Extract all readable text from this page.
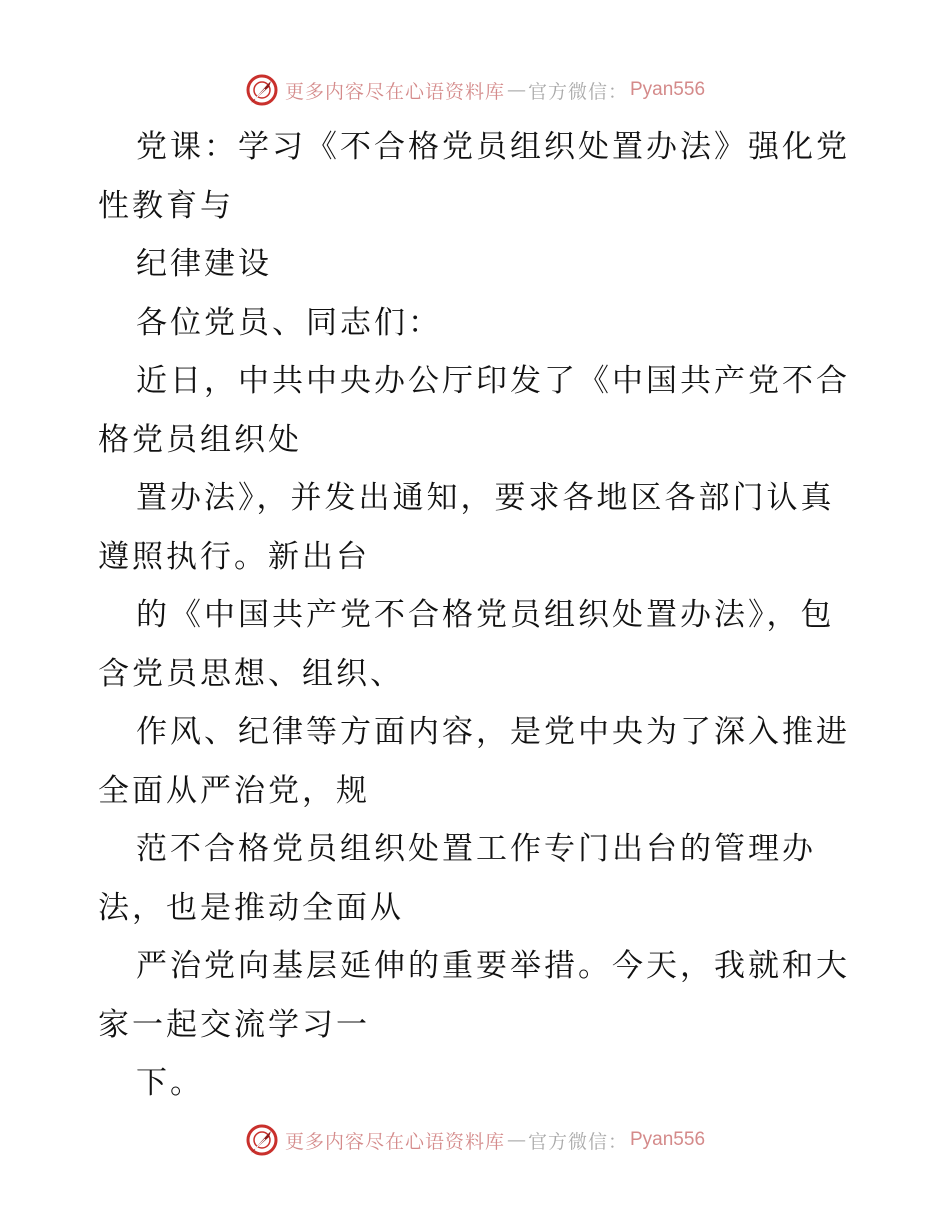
更多内容尽在心语资料库 — 官方微信： Pyan556
党课：学习《不合格党员组织处置办法》强化党
性教育与
纪律建设
各位党员、同志们：
近日，中共中央办公厅印发了《中国共产党不合
格党员组织处
置办法》，并发出通知，要求各地区各部门认真
遵照执行。新出台
的《中国共产党不合格党员组织处置办法》，包
含党员思想、组织、
作风、纪律等方面内容，是党中央为了深入推进
全面从严治党，规
范不合格党员组织处置工作专门出台的管理办
法，也是推动全面从
严治党向基层延伸的重要举措。今天，我就和大
家一起交流学习一
下。
更多内容尽在心语资料库 — 官方微信： Pyan556
